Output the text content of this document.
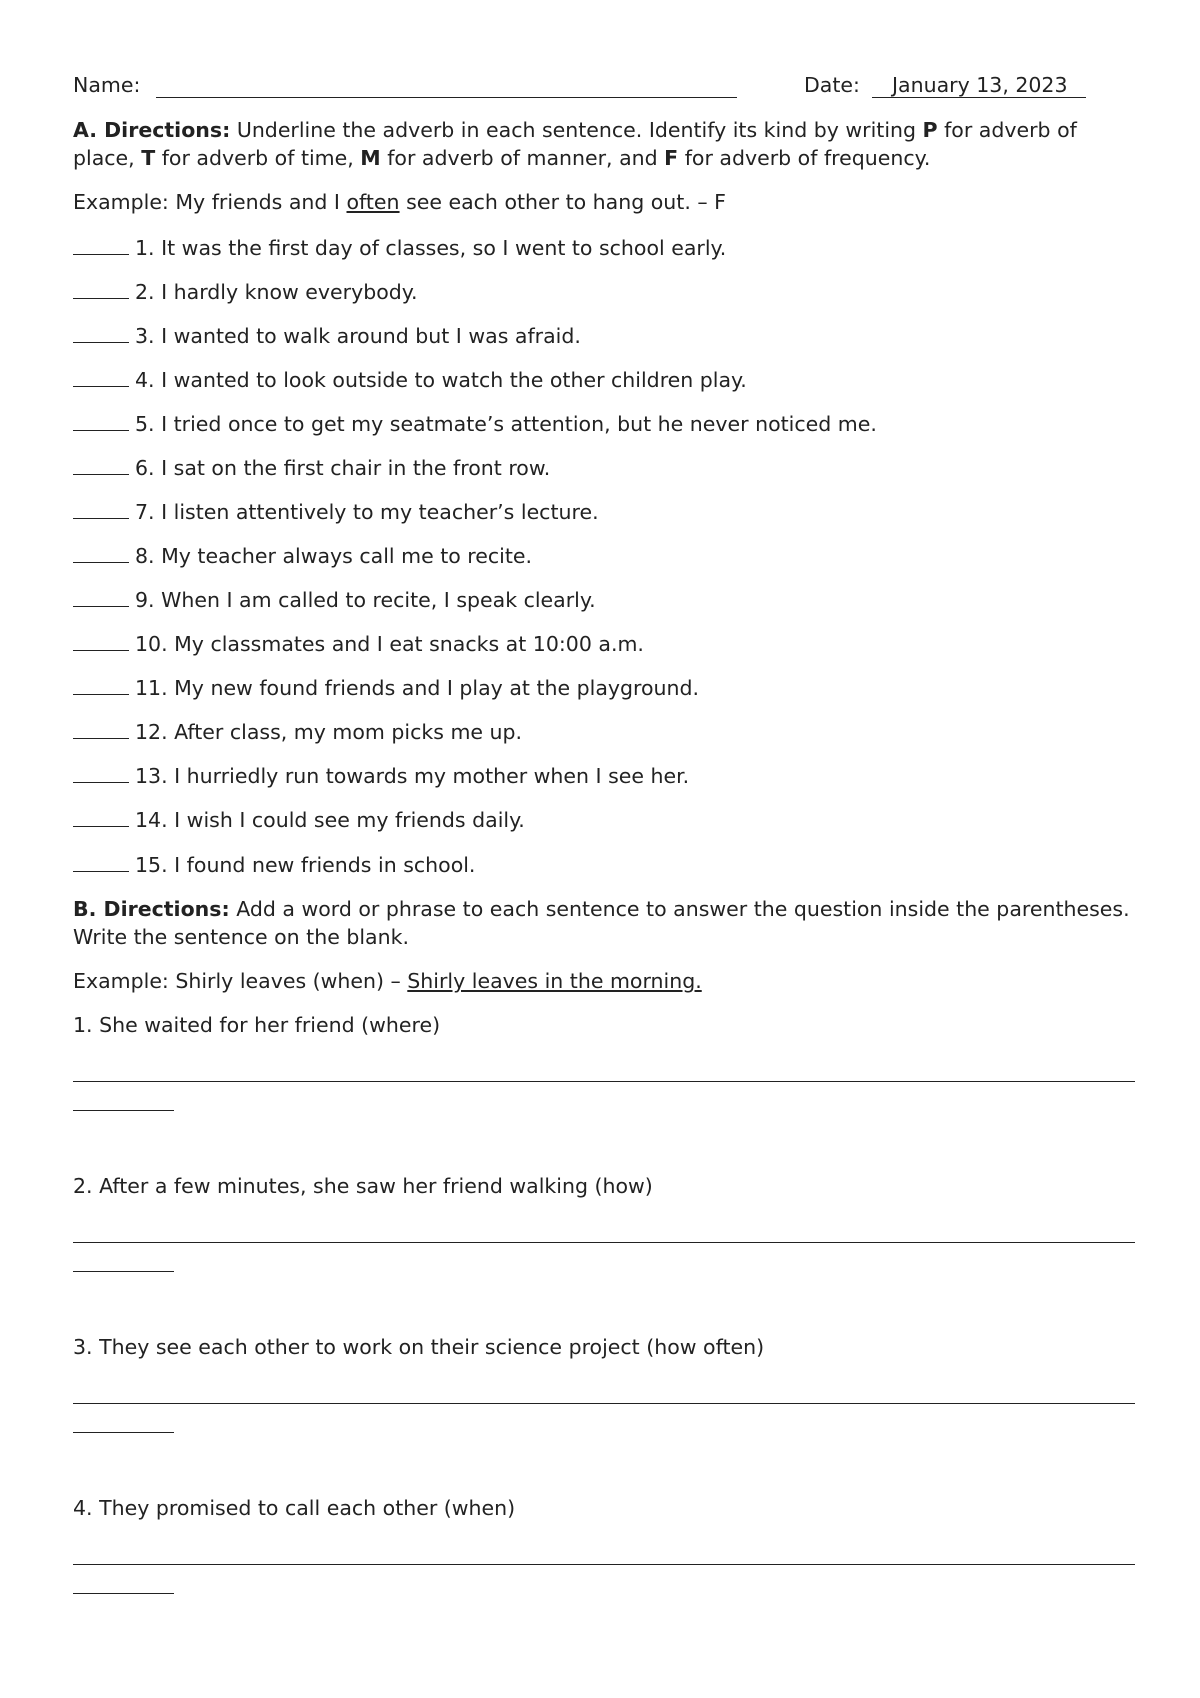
Name:	Date: January 13, 2023
A. Directions: Underline the adverb in each sentence. Identify its kind by writing P for adverb of place, T for adverb of time, M for adverb of manner, and F for adverb of frequency.
Example: My friends and I often see each other to hang out. – F
1. It was the first day of classes, so I went to school early.
2. I hardly know everybody.
3. I wanted to walk around but I was afraid.
4. I wanted to look outside to watch the other children play.
5. I tried once to get my seatmate’s attention, but he never noticed me.
6. I sat on the first chair in the front row.
7. I listen attentively to my teacher’s lecture.
8. My teacher always call me to recite.
9. When I am called to recite, I speak clearly.
10. My classmates and I eat snacks at 10:00 a.m.
11. My new found friends and I play at the playground.
12. After class, my mom picks me up.
13. I hurriedly run towards my mother when I see her.
14. I wish I could see my friends daily.
15. I found new friends in school.
B. Directions: Add a word or phrase to each sentence to answer the question inside the parentheses. Write the sentence on the blank.
Example: Shirly leaves (when) – Shirly leaves in the morning.
1. She waited for her friend (where)
2. After a few minutes, she saw her friend walking (how)
3. They see each other to work on their science project (how often)
4. They promised to call each other (when)
